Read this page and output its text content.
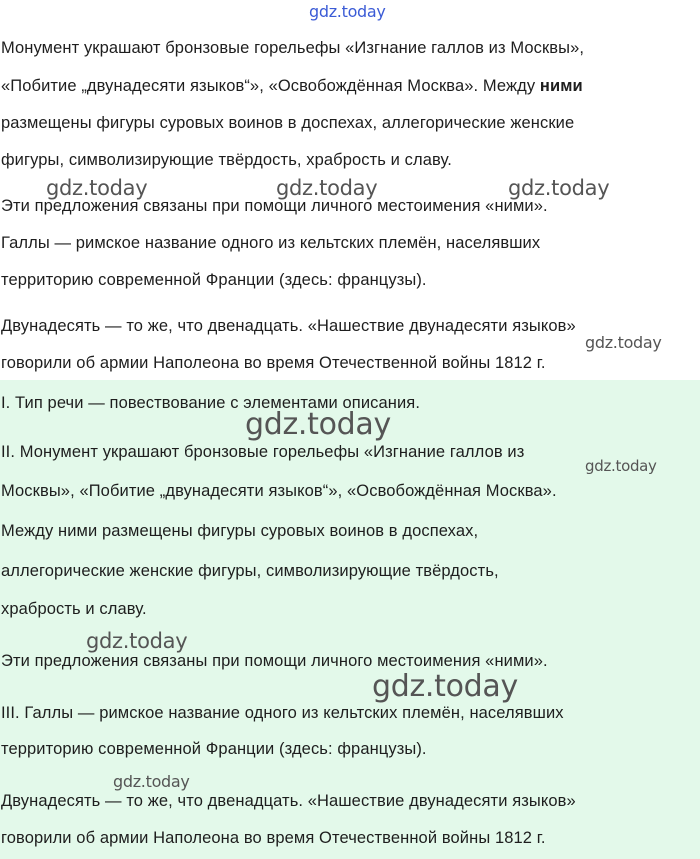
gdz.today
Монумент украшают бронзовые горельефы «Изгнание галлов из Москвы»,
«Побитие „двунадесяти языков“», «Освобождённая Москва». Между ними
размещены фигуры суровых воинов в доспехах, аллегорические женские
фигуры, символизирующие твёрдость, храбрость и славу.
Эти предложения связаны при помощи личного местоимения «ними».
Галлы — римское название одного из кельтских племён, населявших
территорию современной Франции (здесь: французы).
Двунадесять — то же, что двенадцать. «Нашествие двунадесяти языков»
говорили об армии Наполеона во время Отечественной войны 1812 г.
I. Тип речи — повествование с элементами описания.
II. Монумент украшают бронзовые горельефы «Изгнание галлов из
Москвы», «Побитие „двунадесяти языков“», «Освобождённая Москва».
Между ними размещены фигуры суровых воинов в доспехах,
аллегорические женские фигуры, символизирующие твёрдость,
храбрость и славу.
Эти предложения связаны при помощи личного местоимения «ними».
III. Галлы — римское название одного из кельтских племён, населявших
территорию современной Франции (здесь: французы).
Двунадесять — то же, что двенадцать. «Нашествие двунадесяти языков»
говорили об армии Наполеона во время Отечественной войны 1812 г.
gdz.today	gdz.today	gdz.today
gdz.today
gdz.today
gdz.today
gdz.today
gdz.today
gdz.today
